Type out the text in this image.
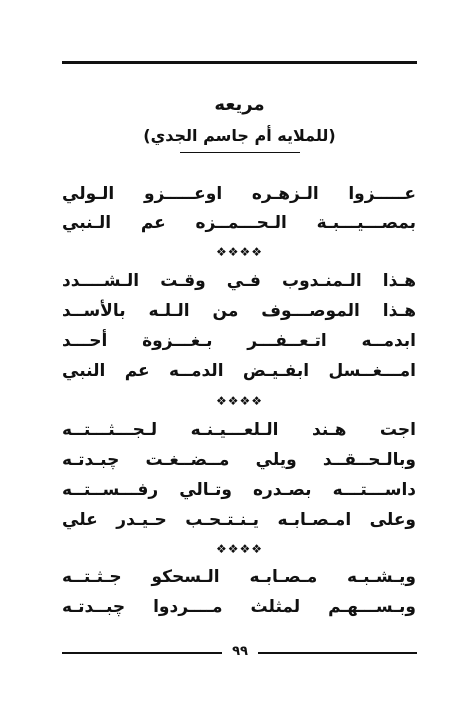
مريعه
(للملايه أم جاسم الجدي)
عـــــزوا الـزهـره اوعـــــزو الـولي
بمصـــيـــبـة الـحـــمــزه عم الـنبي
❖❖❖❖
هـذا الـمنـدوب فـي وقـت الـشــــدد
هـذا الموصـــوف من الـلـه بالأســد
ابدمــه اتـعــفـــر بـغـــزوة أحـــد
امـــغــسل ابفـيـض الدمــه عم النبي
❖❖❖❖
اجت هـند الـلعـــيـنـه لـجـــثـــتــه
وبالـحــقــد ويلي مــضــغـت چبـدتـه
داســـتـــه بصـدره وتـالي رفـــســتــه
وعلى امـصـابـه يـنـتـحـب حـيـدر علي
❖❖❖❖
ويـشـبـه مـصـابـه الـسحكو جـثـتــه
وبـســـهـم لمثلث مــــردوا چبــدتـه
٩٩
